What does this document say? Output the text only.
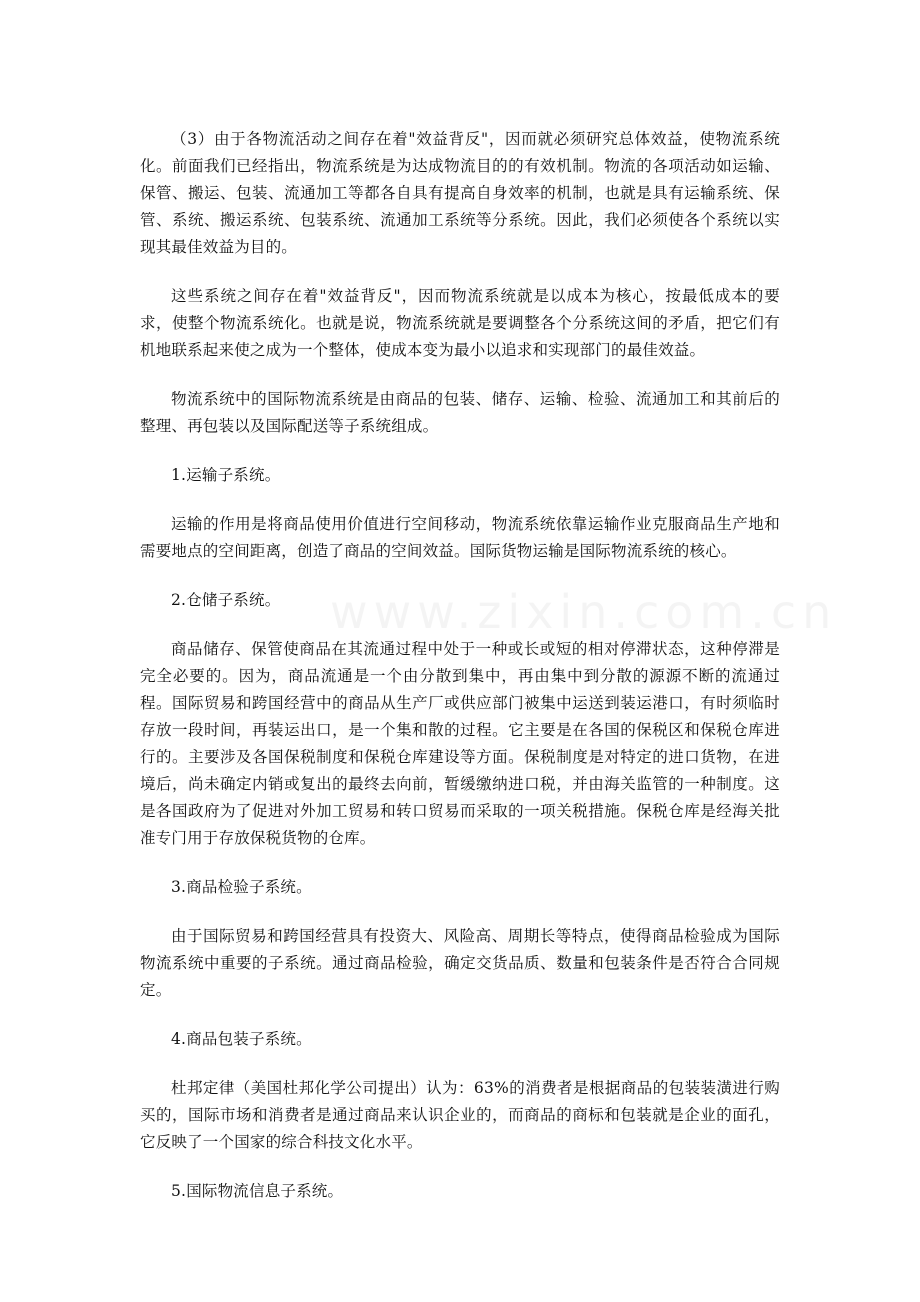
（3）由于各物流活动之间存在着"效益背反"，因而就必须研究总体效益，使物流系统化。前面我们已经指出，物流系统是为达成物流目的的有效机制。物流的各项活动如运输、保管、搬运、包装、流通加工等都各自具有提高自身效率的机制，也就是具有运输系统、保管、系统、搬运系统、包装系统、流通加工系统等分系统。因此，我们必须使各个系统以实现其最佳效益为目的。

这些系统之间存在着"效益背反"，因而物流系统就是以成本为核心，按最低成本的要求，使整个物流系统化。也就是说，物流系统就是要调整各个分系统这间的矛盾，把它们有机地联系起来使之成为一个整体，使成本变为最小以追求和实现部门的最佳效益。

物流系统中的国际物流系统是由商品的包装、储存、运输、检验、流通加工和其前后的整理、再包装以及国际配送等子系统组成。

1.运输子系统。

运输的作用是将商品使用价值进行空间移动，物流系统依靠运输作业克服商品生产地和需要地点的空间距离，创造了商品的空间效益。国际货物运输是国际物流系统的核心。

2.仓储子系统。

商品储存、保管使商品在其流通过程中处于一种或长或短的相对停滞状态，这种停滞是完全必要的。因为，商品流通是一个由分散到集中，再由集中到分散的源源不断的流通过程。国际贸易和跨国经营中的商品从生产厂或供应部门被集中运送到装运港口，有时须临时存放一段时间，再装运出口，是一个集和散的过程。它主要是在各国的保税区和保税仓库进行的。主要涉及各国保税制度和保税仓库建设等方面。保税制度是对特定的进口货物，在进境后，尚未确定内销或复出的最终去向前，暂缓缴纳进口税，并由海关监管的一种制度。这是各国政府为了促进对外加工贸易和转口贸易而采取的一项关税措施。保税仓库是经海关批准专门用于存放保税货物的仓库。

3.商品检验子系统。

由于国际贸易和跨国经营具有投资大、风险高、周期长等特点，使得商品检验成为国际物流系统中重要的子系统。通过商品检验，确定交货品质、数量和包装条件是否符合合同规定。

4.商品包装子系统。

杜邦定律（美国杜邦化学公司提出）认为：63%的消费者是根据商品的包装装潢进行购买的，国际市场和消费者是通过商品来认识企业的，而商品的商标和包装就是企业的面孔，它反映了一个国家的综合科技文化水平。

5.国际物流信息子系统。
